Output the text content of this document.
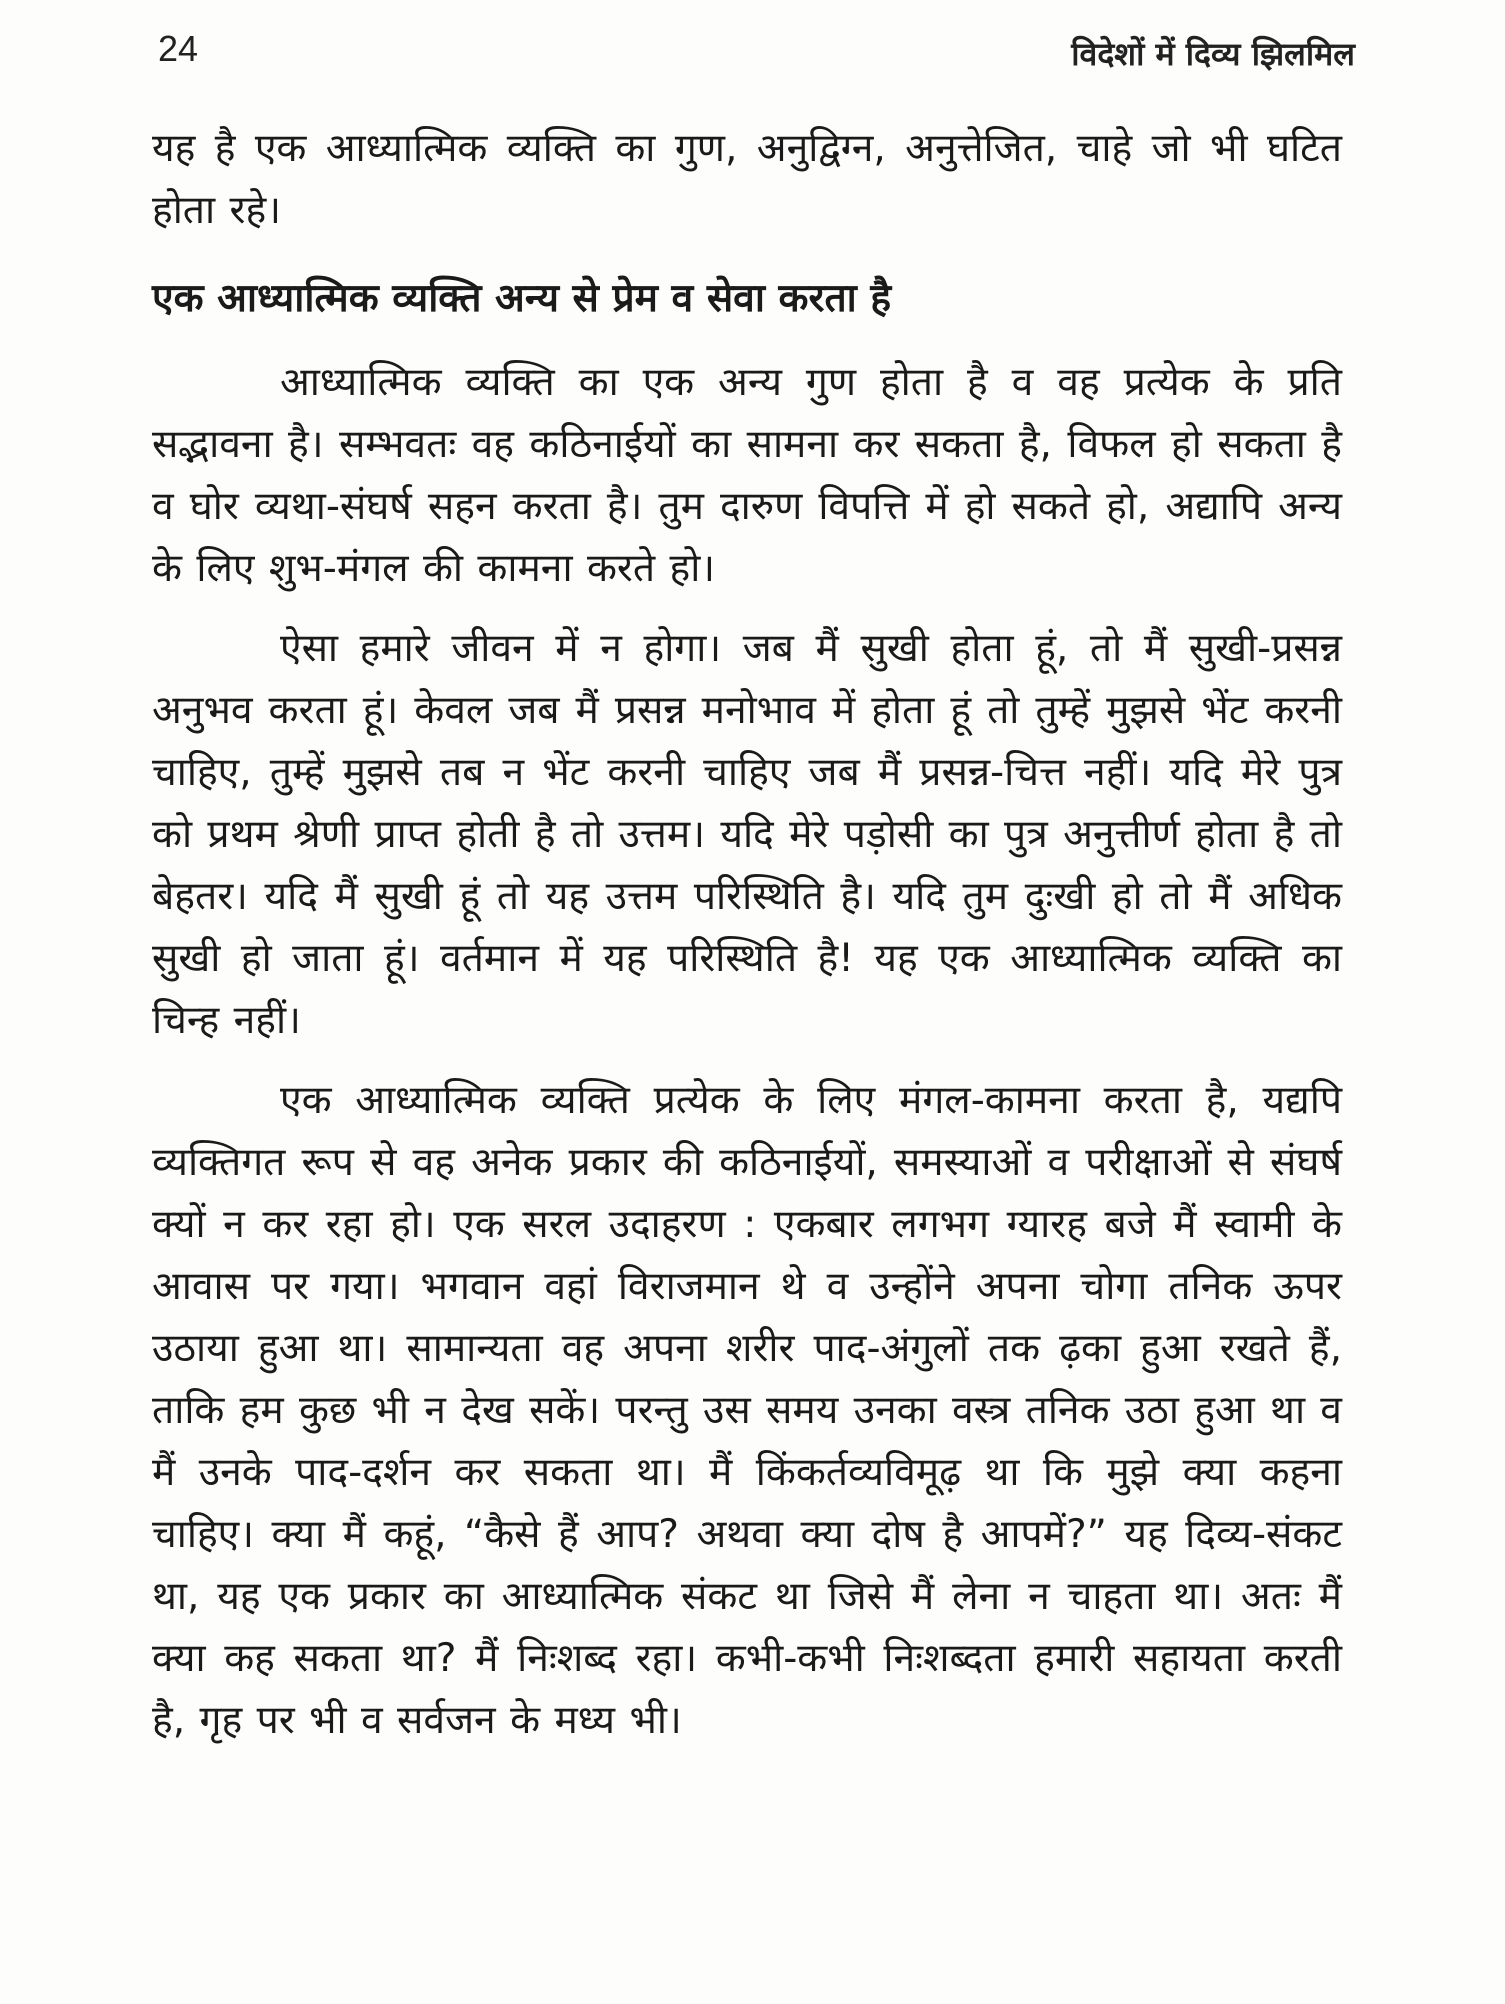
24	विदेशों में दिव्य झिलमिल

यह है एक आध्यात्मिक व्यक्ति का गुण, अनुद्विग्न, अनुत्तेजित, चाहे जो भी घटित होता रहे।

एक आध्यात्मिक व्यक्ति अन्य से प्रेम व सेवा करता है

आध्यात्मिक व्यक्ति का एक अन्य गुण होता है व वह प्रत्येक के प्रति सद्भावना है। सम्भवतः वह कठिनाईयों का सामना कर सकता है, विफल हो सकता है व घोर व्यथा-संघर्ष सहन करता है। तुम दारुण विपत्ति में हो सकते हो, अद्यापि अन्य के लिए शुभ-मंगल की कामना करते हो।

ऐसा हमारे जीवन में न होगा। जब मैं सुखी होता हूं, तो मैं सुखी-प्रसन्न अनुभव करता हूं। केवल जब मैं प्रसन्न मनोभाव में होता हूं तो तुम्हें मुझसे भेंट करनी चाहिए, तुम्हें मुझसे तब न भेंट करनी चाहिए जब मैं प्रसन्न-चित्त नहीं। यदि मेरे पुत्र को प्रथम श्रेणी प्राप्त होती है तो उत्तम। यदि मेरे पड़ोसी का पुत्र अनुत्तीर्ण होता है तो बेहतर। यदि मैं सुखी हूं तो यह उत्तम परिस्थिति है। यदि तुम दुःखी हो तो मैं अधिक सुखी हो जाता हूं। वर्तमान में यह परिस्थिति है! यह एक आध्यात्मिक व्यक्ति का चिन्ह नहीं।

एक आध्यात्मिक व्यक्ति प्रत्येक के लिए मंगल-कामना करता है, यद्यपि व्यक्तिगत रूप से वह अनेक प्रकार की कठिनाईयों, समस्याओं व परीक्षाओं से संघर्ष क्यों न कर रहा हो। एक सरल उदाहरण : एकबार लगभग ग्यारह बजे मैं स्वामी के आवास पर गया। भगवान वहां विराजमान थे व उन्होंने अपना चोगा तनिक ऊपर उठाया हुआ था। सामान्यता वह अपना शरीर पाद-अंगुलों तक ढ़का हुआ रखते हैं, ताकि हम कुछ भी न देख सकें। परन्तु उस समय उनका वस्त्र तनिक उठा हुआ था व मैं उनके पाद-दर्शन कर सकता था। मैं किंकर्तव्यविमूढ़ था कि मुझे क्या कहना चाहिए। क्या मैं कहूं, “कैसे हैं आप? अथवा क्या दोष है आपमें?” यह दिव्य-संकट था, यह एक प्रकार का आध्यात्मिक संकट था जिसे मैं लेना न चाहता था। अतः मैं क्या कह सकता था? मैं निःशब्द रहा। कभी-कभी निःशब्दता हमारी सहायता करती है, गृह पर भी व सर्वजन के मध्य भी।
